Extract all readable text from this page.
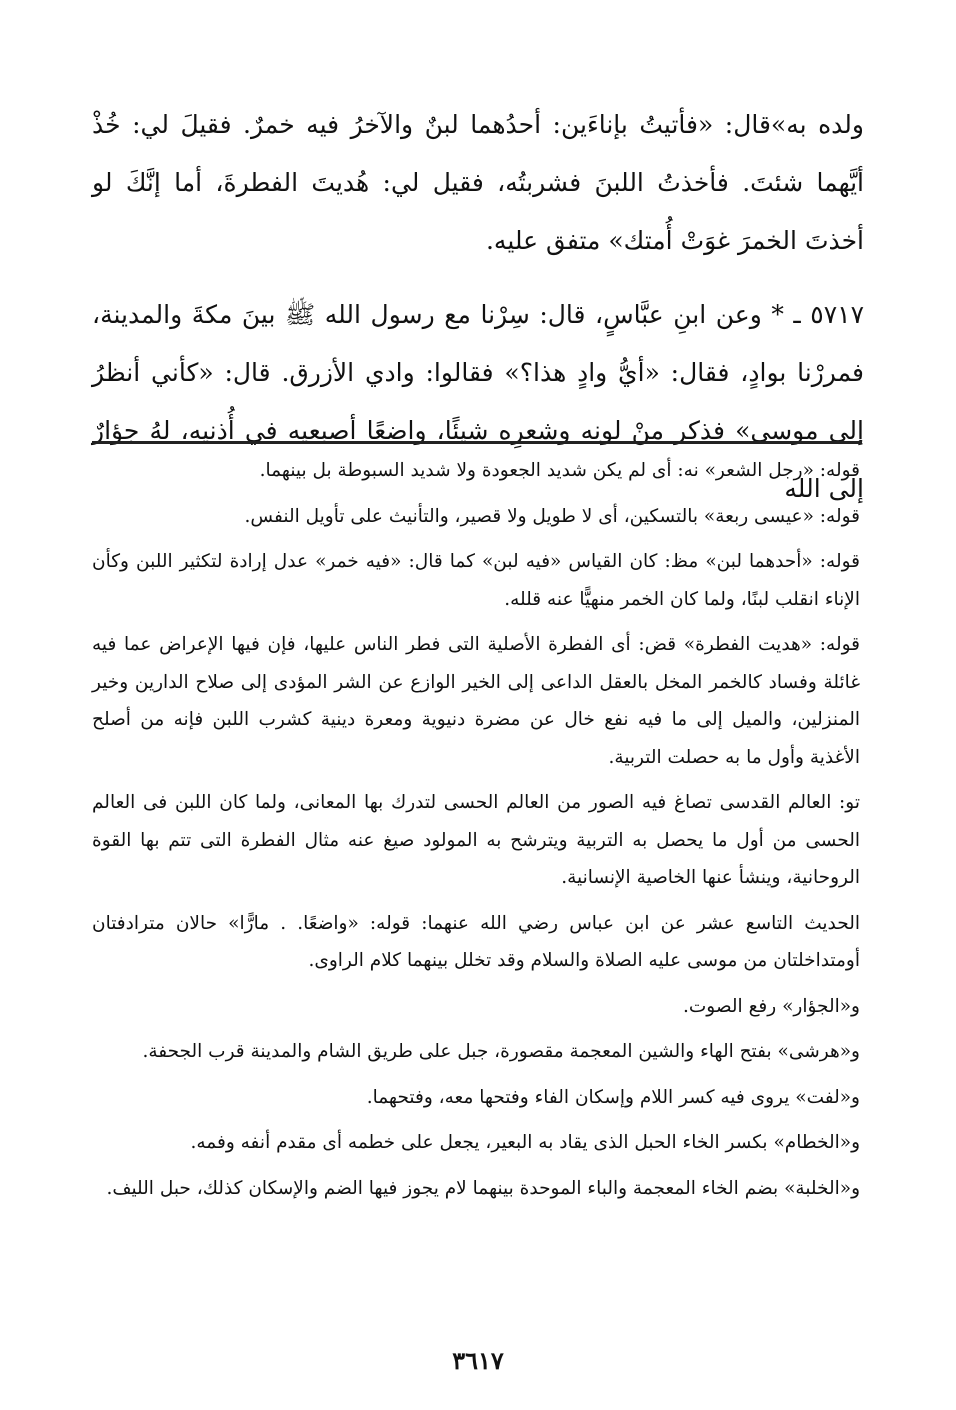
ولده به»قال: «فأتيتُ بإناءَين: أحدُهما لبنٌ والآخرُ فيه خمرٌ. فقيلَ لي: خُذْ أيَّهما شئتَ. فأخذتُ اللبنَ فشربتُه، فقيل لي: هُديتَ الفطرةَ، أما إنَّكَ لو أخذتَ الخمرَ غوَتْ أُمتك» متفق عليه.

٥٧١٧ ـ * وعن ابنِ عبَّاسٍ، قال: سِرْنا مع رسول الله ﷺ بينَ مكةَ والمدينة، فمررْنا بوادٍ، فقال: «أيُّ وادٍ هذا؟» فقالوا: وادي الأزرق. قال: «كأني أنظرُ إلى موسى» فذكر منْ لونِه وشعرِه شيئًا، واضعًا أصبعيه في أُذنيه، لهُ جؤارٌ إلى الله

قوله: «رجل الشعر» نه: أى لم يكن شديد الجعودة ولا شديد السبوطة بل بينهما.

قوله: «عيسى ربعة» بالتسكين، أى لا طويل ولا قصير، والتأنيث على تأويل النفس.

قوله: «أحدهما لبن» مظ: كان القياس «فيه لبن» كما قال: «فيه خمر» عدل إرادة لتكثير اللبن وكأن الإناء انقلب لبنًا، ولما كان الخمر منهيًّا عنه قلله.

قوله: «هديت الفطرة» قض: أى الفطرة الأصلية التى فطر الناس عليها، فإن فيها الإعراض عما فيه غائلة وفساد كالخمر المخل بالعقل الداعى إلى الخير الوازع عن الشر المؤدى إلى صلاح الدارين وخير المنزلين، والميل إلى ما فيه نفع خال عن مضرة دنيوية ومعرة دينية كشرب اللبن فإنه من أصلح الأغذية وأول ما به حصلت التربية.

تو: العالم القدسى تصاغ فيه الصور من العالم الحسى لتدرك بها المعانى، ولما كان اللبن فى العالم الحسى من أول ما يحصل به التربية ويترشح به المولود صيغ عنه مثال الفطرة التى تتم بها القوة الروحانية، وينشأ عنها الخاصية الإنسانية.

الحديث التاسع عشر عن ابن عباس رضي الله عنهما: قوله: «واضعًا. . مارًّا» حالان مترادفتان أومتداخلتان من موسى عليه الصلاة والسلام وقد تخلل بينهما كلام الراوى.

و«الجؤار» رفع الصوت.

و«هرشى» بفتح الهاء والشين المعجمة مقصورة، جبل على طريق الشام والمدينة قرب الجحفة.

و«لفت» يروى فيه كسر اللام وإسكان الفاء وفتحها معه، وفتحهما.

و«الخطام» بكسر الخاء الحبل الذى يقاد به البعير، يجعل على خطمه أى مقدم أنفه وفمه.

و«الخلبة» بضم الخاء المعجمة والباء الموحدة بينهما لام يجوز فيها الضم والإسكان كذلك، حبل الليف.

٣٦١٧
